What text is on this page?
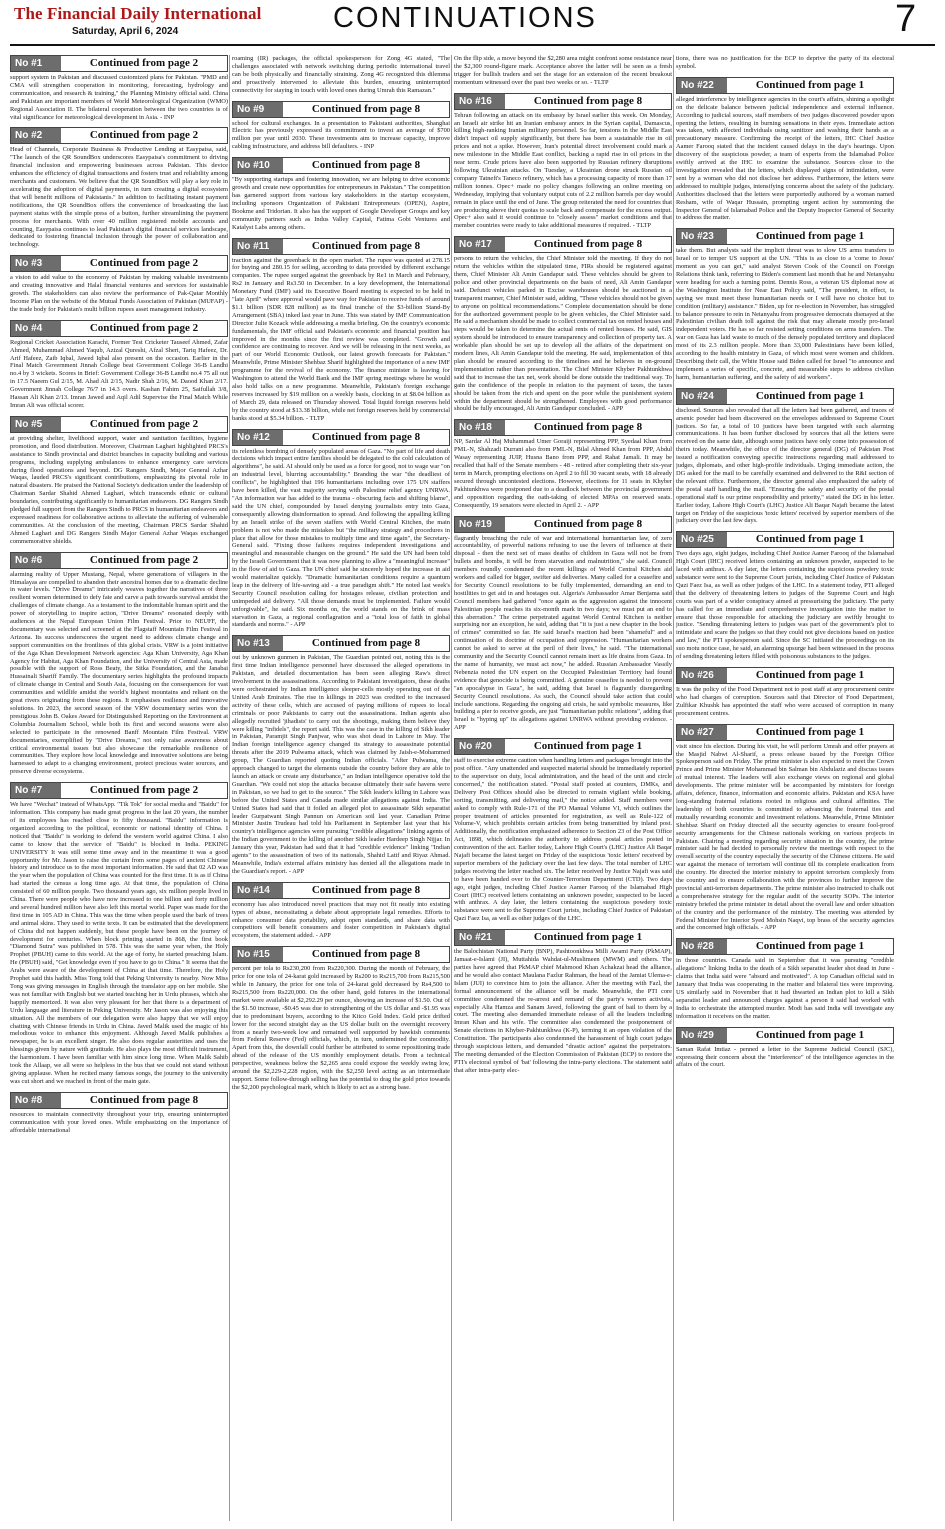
The Financial Daily International
Saturday, April 6, 2024	CONTINUATIONS	7
No #1	Continued from page 2

support system in Pakistan and discussed customized plans for Pakistan. "PMD and CMA will strengthen cooperation in monitoring, forecasting, hydrology and communication, and research & training," the Planning Ministry official said. China and Pakistan are important members of World Meteorological Organization (WMO) Regional Association II. The bilateral cooperation between the two countries is of vital significance for meteorological development in Asia. - INP

No #2	Continued from page 2

Head of Channels, Corporate Business & Productive Lending at Easypaisa, said, "The launch of the QR SoundBox underscores Easypaisa's commitment to driving financial inclusion and empowering businesses across Pakistan. This device enhances the efficiency of digital transactions and fosters trust and reliability among merchants and customers. We believe that the QR SoundBox will play a key role in accelerating the adoption of digital payments, in turn creating a digital ecosystem that will benefit millions of Pakistanis." In addition to facilitating instant payment notifications, the QR SoundBox offers the convenience of broadcasting the last payment status with the simple press of a button, further streamlining the payment process for merchants. With over 40 million registered mobile accounts and counting, Easypaisa continues to lead Pakistan's digital financial services landscape, dedicated to fostering financial inclusion through the power of collaboration and technology.

No #3	Continued from page 2

a vision to add value to the economy of Pakistan by making valuable investments and creating innovative and Halal financial ventures and services for sustainable growth. The stakeholders can also review the performance of Pak-Qatar Monthly Income Plan on the website of the Mutual Funds Association of Pakistan (MUFAP) - the trade body for Pakistan's multi billion rupees asset management industry.

No #4	Continued from page 2

Regional Cricket Association Karachi, Former Test Cricketer Tauseef Ahmed, Zafar Ahmed, Muhammad Ahmed Yaqub, Azizal Qureshi, Afzal Sheri, Tariq Hafeez, Dr. Arif Hafeez, Zaib Iqbal, Jawed Iqbal also present on the occasion. Earlier in the Final Match Government Jinnah College beat Government College 36-B Landhi no.4 by 3 wickets. Scores in Brief: Government College 36-B Landhi no.4 75 all out in 17.5 Naeem Gul 2/15, M. Ahad Ali 2/15, Nadir Shah 2/16, M. Daood Khan 2/17. Government Jinnah College 76/7 in 14.3 overs. Kashan Fahim 25, Saifullah 3/8, Hassan Ali Khan 2/13. Imran Jawed and Aqil Adil Supervise the Final Match While Imran Ali was official scorer.

No #5	Continued from page 2

at providing shelter, livelihood support, water and sanitation facilities, hygiene promotion, and flood distribution. Moreover, Chairman Laghari highlighted PRCS's assistance to Sindh provincial and district branches in capacity building and various programs, including supplying ambulances to enhance emergency care services during flood operations and beyond. DG Rangers Sindh, Major General Azhar Waqas, lauded PRCS's significant contributions, emphasizing its pivotal role in natural disasters. He praised the National Society's dedication under the leadership of Chairman Sardar Shahid Ahmed Laghari, which transcends ethnic or cultural boundaries, contributing significantly to humanitarian endeavors. DG Rangers Sindh pledged full support from the Rangers Sindh to PRCS in humanitarian endeavors and expressed readiness for collaborative actions to alleviate the suffering of vulnerable communities. At the conclusion of the meeting, Chairman PRCS Sardar Shahid Ahmed Laghari and DG Rangers Sindh Major General Azhar Waqas exchanged commemorative shields.

No #6	Continued from page 2

alarming reality of Upper Mustang, Nepal, where generations of villagers in the Himalayas are compelled to abandon their ancestral homes due to a dramatic decline in water levels. "Drive Dreams" intricately weaves together the narratives of three resilient women determined to defy fate and carve a path towards survival amidst the challenges of climate change. As a testament to the indomitable human spirit and the power of storytelling to inspire action, "Drive Dreams" resonated deeply with audiences at the Nepal European Union Film Festival. Prior to NEUFF, the documentary was selected and screened at the Flagstaff Mountain Film Festival in Arizona. Its success underscores the urgent need to address climate change and support communities on the frontlines of this global crisis. VRW is a joint initiative of the Aga Khan Development Network agencies: Aga Khan University, Aga Khan Agency for Habitat, Aga Khan Foundation, and the University of Central Asia, made possible with the support of Ross Beaty, the Sitka Foundation, and the Janabai Hussainali Shariff Family. The documentary series highlights the profound impacts of climate change in Central and South Asia, focusing on the consequences for vast communities and wildlife amidst the world's highest mountains and reliant on the great rivers originating from these regions. It emphasises resilience and innovative solutions. In 2023, the second season of the VRW documentary series won the prestigious John B. Oakes Award for Distinguished Reporting on the Environment at Columbia Journalism School, while both its first and second seasons were also selected to participate in the renowned Banff Mountain Film Festival. VRW documentaries, exemplified by "Drive Dreams," not only raise awareness about critical environmental issues but also showcase the remarkable resilience of communities. They explore how local knowledge and innovative solutions are being harnessed to adapt to a changing environment, protect precious water sources, and preserve diverse ecosystems.

No #7	Continued from page 2

We have "Wechat" instead of WhatsApp. "Tik Tok" for social media and "Baidu" for information. This company has made great progress in the last 20 years, the number of its employees has reached close to fifty thousand. "Baidu" information is organized according to the political, economic or national identity of China. I noticed that "Baidu" is working to defend the western world against China. I also came to know that the service of "Baidu" is blocked in India. PEKING UNIVERSITY It was still some time away and in the meantime it was a good opportunity for Mr. Jason to raise the curtain from some pages of ancient Chinese history and introduce us to the most important information. He said that 02 AD was the year when the population of China was counted for the first time. It is as if China had started the census a long time ago. At that time, the population of China consisted of 60 million people. Two thousand years ago, six million people lived in China. There were people who have now increased to one billion and forty million and several hundred million have also left this mortal world. Paper was made for the first time in 105 AD in China. This was the time when people used the bark of trees and animal skins. They used to write texts. It can be estimated that the development of China did not happen suddenly, but these people have been on the journey of development for centuries. When block printing started in 868, the first book "Diamond Sutra" was published in 578. This was the same year when, the Holy Prophet (PBUH) came to this world. At the age of forty, he started preaching Islam. He (PBUH) said, "Get knowledge even if you have to go to China." It seems that the Arabs were aware of the development of China at that time. Therefore, the Holy Prophet said this hadith. Miss Tong told that Peking University is nearby. Now Miss Tong was giving messages in English through the translator app on her mobile. She was not familiar with English but we started teaching her in Urdu phrases, which she happily memorized. It was also very pleasant for her that there is a department of Urdu language and literature in Peking University. Mr Jason was also enjoying this situation. All the members of our delegation were also happy that we will enjoy chatting with Chinese friends in Urdu in China. Javed Malik used the magic of his melodious voice to enhance this enjoyment. Although Javed Malik publishes a newspaper, he is an excellent singer. He also does regular austerities and uses the blessings given by nature with gratitude. He also plays the most difficult instrument, the harmonium. I have been familiar with him since long time. When Malik Sahib took the Allaap, we all were so helpless in the bus that we could not stand without giving applause. When he recited many famous songs, the journey to the university was cut short and we reached in front of the main gate.

No #8	Continued from page 8

resources to maintain connectivity throughout your trip, ensuring uninterrupted communication with your loved ones. While emphasizing on the importance of affordable international

roaming (IR) packages, the official spokesperson for Zong 4G stated, "The challenges associated with network switching during periodic international travel can be both physically and financially straining. Zong 4G recognized this dilemma and proactively intervened to alleviate this burden, ensuring uninterrupted connectivity for staying in touch with loved ones during Umrah this Ramazan."

No #9	Continued from page 8

school for cultural exchanges. In a presentation to Pakistani authorities, Shanghai Electric has previously expressed its commitment to invest an average of $700 million per year until 2030. These investments aim to increase capacity, improve cabling infrastructure, and address bill defaulters. - INP

No #10	Continued from page 8

"By supporting startups and fostering innovation, we are helping to drive economic growth and create new opportunities for entrepreneurs in Pakistan." The competition has garnered support from various key stakeholders in the startup ecosystem, including sponsors Organization of Pakistani Entrepreneurs (OPEN), Aspire, Bookme and Tridorian. It also has the support of Google Developer Groups and key community partners such as Indus Valley Capital, Fatima Gobi Ventures and Katalyst Labs among others.

No #11	Continued from page 8

traction against the greenback in the open market. The rupee was quoted at 278.15 for buying and 280.15 for selling, according to data provided by different exchange companies. The rupee surged against the greenback by Re1 in March and February, Rs2 in January and Rs3.50 in December. In a key development, the International Monetary Fund (IMF) said its Executive Board meeting is expected to be held in "late April" where approval would pave way for Pakistan to receive funds of around $1.1 billion (SDR 828 million) as its final tranche of the $3-billion Stand-By Arrangement (SBA) inked last year in June. This was stated by IMF Communication Director Julie Kozack while addressing a media briefing. On the country's economic fundamentals, the IMF official said Pakistan's economic and financial position has improved in the months since the first review was completed. "Growth and confidence are continuing to recover. And we will be releasing in the next weeks, as part of our World Economic Outlook, our latest growth forecasts for Pakistan." Meanwhile, Prime Minister Shehbaz Sharif highlighted the importance of a new IMF programme for the revival of the economy. The finance minister is leaving for Washington to attend the World Bank and the IMF spring meetings where he would also hold talks on a new programme. Meanwhile, Pakistan's foreign exchange reserves increased by $19 million on a weekly basis, clocking in at $8.04 billion as of March 29, data released on Thursday showed. Total liquid foreign reserves held by the country stood at $13.38 billion, while net foreign reserves held by commercial banks stood at $5.34 billion. - TLTP

No #12	Continued from page 8

its relentless bombing of densely populated areas of Gaza. "No part of life and death decisions which impact entire families should be delegated to the cold calculation of algorithms", he said. AI should only be used as a force for good, not to wage war "on an industrial level, blurring accountability." Branding the war "the deadliest of conflicts", he highlighted that 196 humanitarians including over 175 UN staffers have been killed, the vast majority serving with Palestine relief agency UNRWA. "An information war has added to the trauma - obscuring facts and shifting blame", said the UN chief, compounded by Israel denying journalists entry into Gaza, consequently allowing disinformation to spread. And following the appalling killing by an Israeli strike of the seven staffers with World Central Kitchen, the main problem is not who made the mistakes but "the military strategy and procedures in place that allow for those mistakes to multiply time and time again", the Secretary-General said. "Fixing those failures requires independent investigations and meaningful and measurable changes on the ground." He said the UN had been told by the Israeli Government that it was now planning to allow a "meaningful increase" in the flow of aid to Gaza. The UN chief said he sincerely hoped the increase in aid would materialize quickly. "Dramatic humanitarian conditions require a quantum leap in the delivery of life-saving aid - a true paradigm shift." He noted last week's Security Council resolution calling for hostages release, civilian protection and unimpeded aid delivery. "All those demands must be implemented. Failure would unforgivable", he said. Six months on, the world stands on the brink of mass starvation in Gaza, a regional conflagration and a "total loss of faith in global standards and norms." - APP

No #13	Continued from page 8

out by unknown gunmen in Pakistan, The Guardian pointed out, noting this is the first time Indian intelligence personnel have discussed the alleged operations in Pakistan, and detailed documentation has been seen alleging Raw's direct involvement in the assassinations. According to Pakistani investigators, these deaths were orchestrated by Indian intelligence sleeper-cells mostly operating out of the United Arab Emirates. The rise in killings in 2023 was credited to the increased activity of these cells, which are accused of paying millions of rupees to local criminals or poor Pakistanis to carry out the assassinations. Indian agents also allegedly recruited 'jihadists' to carry out the shootings, making them believe they were killing "infidels", the report said. This was the case in the killing of Sikh leader in Pakistan, Paramjit Singh Panjwar, who was shot dead in Lahore in May. The Indian foreign intelligence agency changed its strategy to assassinate potential threats after the 2019 Pulwama attack, which was claimed by Jaish-e-Mohammed group, The Guardian reported quoting Indian officials. "After Pulwama, the approach changed to target the elements outside the country before they are able to launch an attack or create any disturbance," an Indian intelligence operative told the Guardian. "We could not stop the attacks because ultimately their safe havens were in Pakistan, so we had to get to the source." The Sikh leader's killing in Lahore was before the United States and Canada made similar allegations against India. The United States had said that it foiled an alleged plot to assassinate Sikh separatist leader Gurpatwant Singh Pannun on American soil last year. Canadian Prime Minister Justin Trudeau had told his Parliament in September last year that his country's intelligence agencies were pursuing "credible allegations" linking agents of the Indian government to the killing of another Sikh leader Hardeep Singh Nijjar. In January this year, Pakistan had said that it had "credible evidence" linking "Indian agents" to the assassination of two of its nationals, Shahid Latif and Riyaz Ahmad. Meanwhile, India's external affairs ministry has denied all the allegations made in the Guardian's report. - APP

No #14	Continued from page 8

economy has also introduced novel practices that may not fit neatly into existing types of abuse, necessitating a debate about appropriate legal remedies. Efforts to enhance consumer data portability, adopt open standards, and share data with competitors will benefit consumers and foster competition in Pakistan's digital ecosystem, the statement added. - APP

No #15	Continued from page 8

percent per tola to Rs230,200 from Rs220,300. During the month of February, the price for one tola of 24-karat gold increased by Rs200 to Rs215,700 from Rs215,500 while in January, the price for one tola of 24-karat gold decreased by Rs4,500 to Rs215,500 from Rs220,000. On the other hand, gold futures in the international market were available at $2,292.29 per ounce, showing an increase of $1.50. Out of the $1.50 increase, -$0.45 was due to strengthening of the US dollar and -$1.95 was due to predominant buyers, according to the Kitco Gold Index. Gold price drifted lower for the second straight day as the US dollar built on the overnight recovery from a nearly two-week low and remained well supported by hawkish comments from Federal Reserve (Fed) officials, which, in turn, undermined the commodity. Apart from this, the downfall could further be attributed to some repositioning trade ahead of the release of the US monthly employment details. From a technical perspective, weakness below the $2,265 area could expose the weekly swing low, around the $2,229-2,228 region, with the $2,250 level acting as an intermediate support. Some follow-through selling has the potential to drag the gold price towards the $2,200 psychological mark, which is likely to act as a strong base.

On the flip side, a move beyond the $2,280 area might confront some resistance near the $2,300 round-figure mark. Acceptance above the latter will be seen as a fresh trigger for bullish traders and set the stage for an extension of the recent breakout momentum witnessed over the past two weeks or so. - TLTP

No #16	Continued from page 8

Tehran following an attack on its embassy by Israel earlier this week. On Monday, an Israeli air strike hit an Iranian embassy annex in the Syrian capital, Damascus, killing high-ranking Iranian military personnel. So far, tensions in the Middle East didn't impact oil supply significantly, but there has been a sustainable rise in oil prices and not a spike. However, Iran's potential direct involvement could mark a new milestone in the Middle East conflict, backing a rapid rise in oil prices in the near term. Crude prices have also been supported by Russian refinery disruptions following Ukrainian attacks. On Tuesday, a Ukrainian drone struck Russian oil company Tatneft's Taneco refinery, which has a processing capacity of more than 17 million tonnes. Opec+ made no policy changes following an online meeting on Wednesday, implying that voluntary output cuts of 2.2 million barrels per day would remain in place until the end of June. The group reiterated the need for countries that are producing above their quotas to scale back and compensate for the excess output. Opec+ also said it would continue to "closely assess" market conditions and that member countries were ready to take additional measures if required. - TLTP

No #17	Continued from page 8

persons to return the vehicles, the Chief Minister told the meeting. If they do not return the vehicles within the stipulated time, FIRs should be registered against them, Chief Minister Ali Amin Gandapur said. These vehicles should be given to police and other provincial departments on the basis of need, Ali Amin Gandapur said. Defunct vehicles parked in Excise warehouses should be auctioned in a transparent manner, Chief Minister said, adding, "These vehicles should not be given to anyone on political recommendations." Complete documentation should be done for the authorized government people to be given vehicles, the Chief Minister said. He said a mechanism should be made to collect commercial tax on rented houses and steps would be taken to determine the actual rents of rented houses. He said, GIS system should be introduced to ensure transparency and collection of property tax. A workable plan should be set up to develop all the affairs of the department on modern lines, Ali Amin Gandapur told the meeting. He said, implementation of this plan should be ensured according to the timelines and he believes in on-ground implementation rather than presentation. The Chief Minister Khyber Pakhtunkhwa said that to increase the tax net, work should be done outside the traditional way. To gain the confidence of the people in relation to the payment of taxes, the taxes should be taken from the rich and spent on the poor while the punishment system within the department should be strengthened. Employees with good performance should be fully encouraged, Ali Amin Gandapur concluded. - APP

No #18	Continued from page 8

NP, Sardar Al Haj Muhammad Umer Goraiji representing PPP, Syedaal Khan from PML-N, Shahzadi Durrani also from PML-N, Bilal Ahmed Khan from PPP, Abdul Wasay representing JUIP, Husna Bano from PPP, and Rahat Jamali. It may be recalled that half of the Senate members - 48 - retired after completing their six-year term in March, prompting elections on April 2 to fill 30 vacant seats, with 18 already secured through uncontested elections. However, elections for 11 seats in Khyber Pakhtunkhwa were postponed due to a deadlock between the provincial government and opposition regarding the oath-taking of elected MPAs on reserved seats. Consequently, 19 senators were elected in April 2. - APP

No #19	Continued from page 8

flagrantly breaching the rule of war and international humanitarian law, of zero accountability, of powerful nations refusing to use the levers of influence at their disposal - then the next set of mass deaths of children in Gaza will not be from bullets and bombs, it will be from starvation and malnutrition," she said. Council members roundly condemned the recent killings of World Central Kitchen aid workers and called for bigger, swifter aid deliveries. Many called for a ceasefire and for Security Council resolutions to be fully implemented, demanding an end to hostilities to get aid in and hostages out. Algeria's Ambassador Amar Benjama said Council members had gathered "once again as the aggression against the innocent Palestinian people reaches its six-month mark in two days; we must put an end to this aberration." The crime perpetrated against World Central Kitchen is neither surprising nor an exception, he said, adding that "it is just a new chapter in the book of crimes" committed so far. He said Israel's reaction had been "shameful" and a continuation of its doctrine of occupation and oppression. "Humanitarian workers cannot be asked to serve at the peril of their lives," he said. "The international community and the Security Council cannot remain inert as life drains from Gaza. In the name of humanity, we must act now," he added. Russian Ambassador Vassily Nebenzia noted the UN expert on the Occupied Palestinian Territory had found evidence that genocide is being committed. A genuine ceasefire is needed to prevent "an apocalypse in Gaza", he said, adding that Israel is flagrantly disregarding Security Council resolutions. As such, the Council should take action that could include sanctions. Regarding the ongoing aid crisis, he said symbolic measures, like building a pier to receive goods, are just "humanitarian public relations", adding that Israel is "hyping up" its allegations against UNRWA without providing evidence. - APP

No #20	Continued from page 1

staff to exercise extreme caution when handling letters and packages brought into the post office. "Any unattended and suspected material should be immediately reported to the supervisor on duty, local administration, and the head of the unit and circle concerned," the notification stated. "Postal staff posted at counters, DMKs, and Delivery Post Offices should also be directed to remain vigilant while booking, sorting, transmitting, and delivering mail," the notice added. Staff members were asked to comply with Rule-171 of the PO Manual Volume VI, which outlines the proper treatment of articles presented for registration, as well as Rule-122 of Volume-V, which prohibits certain articles from being transmitted by inland post. Additionally, the notification emphasized adherence to Section 23 of the Post Office Act, 1898, which delineates the authority to address postal articles posted in contravention of the act. Earlier today, Lahore High Court's (LHC) Justice Ali Baqar Najafi became the latest target on Friday of the suspicious 'toxic letters' received by superior members of the judiciary over the last few days. The total number of LHC judges receiving the letter reached six. The letter received by Justice Najafi was said to have been handed over to the Counter-Terrorism Department (CTD). Two days ago, eight judges, including Chief Justice Aamer Farooq of the Islamabad High Court (IHC) received letters containing an unknown powder, suspected to be laced with anthrax. A day later, the letters containing the suspicious powdery toxic substance were sent to the Supreme Court jurists, including Chief Justice of Pakistan Qazi Faez Isa, as well as other judges of the LHC.

No #21	Continued from page 1

the Balochistan National Party (BNP), Pashtoonkhwa Milli Awami Party (PkMAP), Jamaat-e-Islami (JI), Muttahida Wahdat-ul-Muslimeen (MWM) and others. The parties have agreed that PkMAP chief Mahmood Khan Achakzai head the alliance, and he would also contact Maulana Fazlur Rahman, the head of the Jamiat Ulema-e-Islam (JUI) to convince him to join the alliance. After the meeting with Fazl, the formal announcement of the alliance will be made. Meanwhile, the PTI core committee condemned the re-arrest and remand of the party's women activists, especially Alia Hamza and Sanam Javed, following the grant of bail to them by a court. The meeting also demanded immediate release of all the leaders including Imran Khan and his wife. The committee also condemned the postponement of Senate elections in Khyber-Pakhtunkhwa (K-P), terming it an open violation of the Constitution. The participants also condemned the harassment of high court judges through suspicious letters, and demanded "drastic action" against the perpetrators. The meeting demanded of the Election Commission of Pakistan (ECP) to restore the PTI's electoral symbol of 'bat' following the intra-party elections. The statement said that after intra-party elec-

tions, there was no justification for the ECP to deprive the party of its electoral symbol.

No #22	Continued from page 1

alleged interference by intelligence agencies in the court's affairs, shining a spotlight on the delicate balance between judicial independence and external influence. According to judicial sources, staff members of two judges discovered powder upon opening the letters, resulting in burning sensations in their eyes. Immediate action was taken, with affected individuals using sanitizer and washing their hands as a precautionary measure. Confirming the receipt of the letters, IHC Chief Justice Aamer Farooq stated that the incident caused delays in the day's hearings. Upon discovery of the suspicious powder, a team of experts from the Islamabad Police swiftly arrived at the IHC to examine the substance. Sources close to the investigation revealed that the letters, which displayed signs of intimidation, were sent by a woman who did not disclose her address. Furthermore, the letters were addressed to multiple judges, intensifying concerns about the safety of the judiciary. Authorities disclosed that the letters were purportedly authored by a woman named Resham, wife of Waqar Hussain, prompting urgent action by summoning the Inspector General of Islamabad Police and the Deputy Inspector General of Security to address the matter.

No #23	Continued from page 1

take them. But analysts said the implicit threat was to slow US arms transfers to Israel or to temper US support at the UN. "This is as close to a 'come to Jesus' moment as you can get," said analyst Steven Cook of the Council on Foreign Relations think tank, referring to Biden's comment last month that he and Netanyahu were heading for such a turning point. Dennis Ross, a veteran US diplomat now at the Washington Institute for Near East Policy said, "The president, in effect, is saying we must meet these humanitarian needs or I will have no choice but to condition (military) assistance." Biden, up for re-election in November, has struggled to balance pressure to rein in Netanyahu from progressive democrats dismayed at the Palestinian civilian death toll against the risk that may alienate mostly pro-Israel independent voters. He has so far resisted setting conditions on arms transfers. The war on Gaza has laid waste to much of the densely populated territory and displaced most of its 2.3 million people. More than 33,000 Palestinians have been killed, according to the health ministry in Gaza, of which most were women and children. Describing their call, the White House said Biden called for Israel "to announce and implement a series of specific, concrete, and measurable steps to address civilian harm, humanitarian suffering, and the safety of aid workers".

No #24	Continued from page 1

disclosed. Sources also revealed that all the letters had been gathered, and traces of arsenic powder had been discovered on the envelopes addressed to Supreme Court justices. So far, a total of 10 justices have been targeted with such alarming communications. It has been further disclosed by sources that all the letters were received on the same date, although some justices have only come into possession of theirs today. Meanwhile, the office of the director general (DG) of Pakistan Post issued a notification conveying specific instructions regarding mail addressed to judges, diplomats, and other high-profile individuals. Urging immediate action, the DG asked for the mail to be carefully examined and delivered to the R&I section of the relevant office. Furthermore, the director general also emphasized the safety of the postal staff handling the mail. "Ensuring the safety and security of the postal operational staff is our prime responsibility and priority," stated the DG in his letter. Earlier today, Lahore High Court's (LHC) Justice Ali Baqar Najafi became the latest target on Friday of the suspicious 'toxic letters' received by superior members of the judiciary over the last few days.

No #25	Continued from page 1

Two days ago, eight judges, including Chief Justice Aamer Farooq of the Islamabad High Court (IHC) received letters containing an unknown powder, suspected to be laced with anthrax. A day later, the letters containing the suspicious powdery toxic substance were sent to the Supreme Court jurists, including Chief Justice of Pakistan Qazi Faez Isa, as well as other judges of the LHC. In a statement today, PTI alleged that the delivery of threatening letters to judges of the Supreme Court and high courts was part of a wider conspiracy aimed at pressurising the judiciary. The party has called for an immediate and comprehensive investigation into the matter to ensure that those responsible for attacking the judiciary are swiftly brought to justice. "Sending threatening letters to judges was part of the government's plot to intimidate and scare the judges so that they could not give decisions based on justice and law," the PTI spokesperson said. Since the SC initiated the proceedings on its suo motu notice case, he said, an alarming upsurge had been witnessed in the process of sending threatening letters filled with poisonous substances to the judges.

No #26	Continued from page 1

It was the policy of the Food Department not to post staff at any procurement centre who had charges of corruption. Sources said that Director of Food Department, Zulfikar Khushk has appointed the staff who were accused of corruption in many procurement centres.

No #27	Continued from page 1

visit since his election. During his visit, he will perform Umrah and offer prayers at the Masjid Nabwi Al-Sharif, a press release issued by the Foreign Office Spokesperson said on Friday. The prime minister is also expected to meet the Crown Prince and Prime Minister Mohammad bin Salman bin Abdulaziz and discuss issues of mutual interest. The leaders will also exchange views on regional and global developments. The prime minister will be accompanied by ministers for foreign affairs, defence, finance, information and economic affairs. Pakistan and KSA have long-standing fraternal relations rooted in religious and cultural affinities. The leadership of both countries is committed to advancing the fraternal ties and mutually rewarding economic and investment relations. Meanwhile, Prime Minister Shehbaz Sharif on Friday directed all the security agencies to ensure fool-proof security arrangements for the Chinese nationals working on various projects in Pakistan. Chairing a meeting regarding security situation in the country, the prime minister said he had decided to personally review the meetings with respect to the overall security of the country especially the security of the Chinese citizens. He said war against the menace of terrorism will continue till its complete eradication from the country. He directed the interior ministry to appoint terrorism complexly from the country and to ensure collaboration with the provinces to further improve the provincial anti-terrorism departments. The prime minister also instructed to chalk out a comprehensive strategy for the regular audit of the security SOPs. The interior ministry briefed the prime minister in detail about the overall law and order situation of the country and the performance of the ministry. The meeting was attended by Federal Minister for Interior Syed Mohsin Naqvi, top brass of the security agencies and the concerned high officials. - APP

No #28	Continued from page 1

in those countries. Canada said in September that it was pursuing "credible allegations" linking India to the death of a Sikh separatist leader shot dead in June - claims that India said were "absurd and motivated". A top Canadian official said in January that India was cooperating in the matter and bilateral ties were improving. US similarly said in November that it had thwarted an Indian plot to kill a Sikh separatist leader and announced charges against a person it said had worked with India to orchestrate the attempted murder. Modi has said India will investigate any information it receives on the matter.

No #29	Continued from page 1

Saman Rafat Imtiaz - penned a letter to the Supreme Judicial Council (SJC), expressing their concern about the "interference" of the intelligence agencies in the affairs of the court.
